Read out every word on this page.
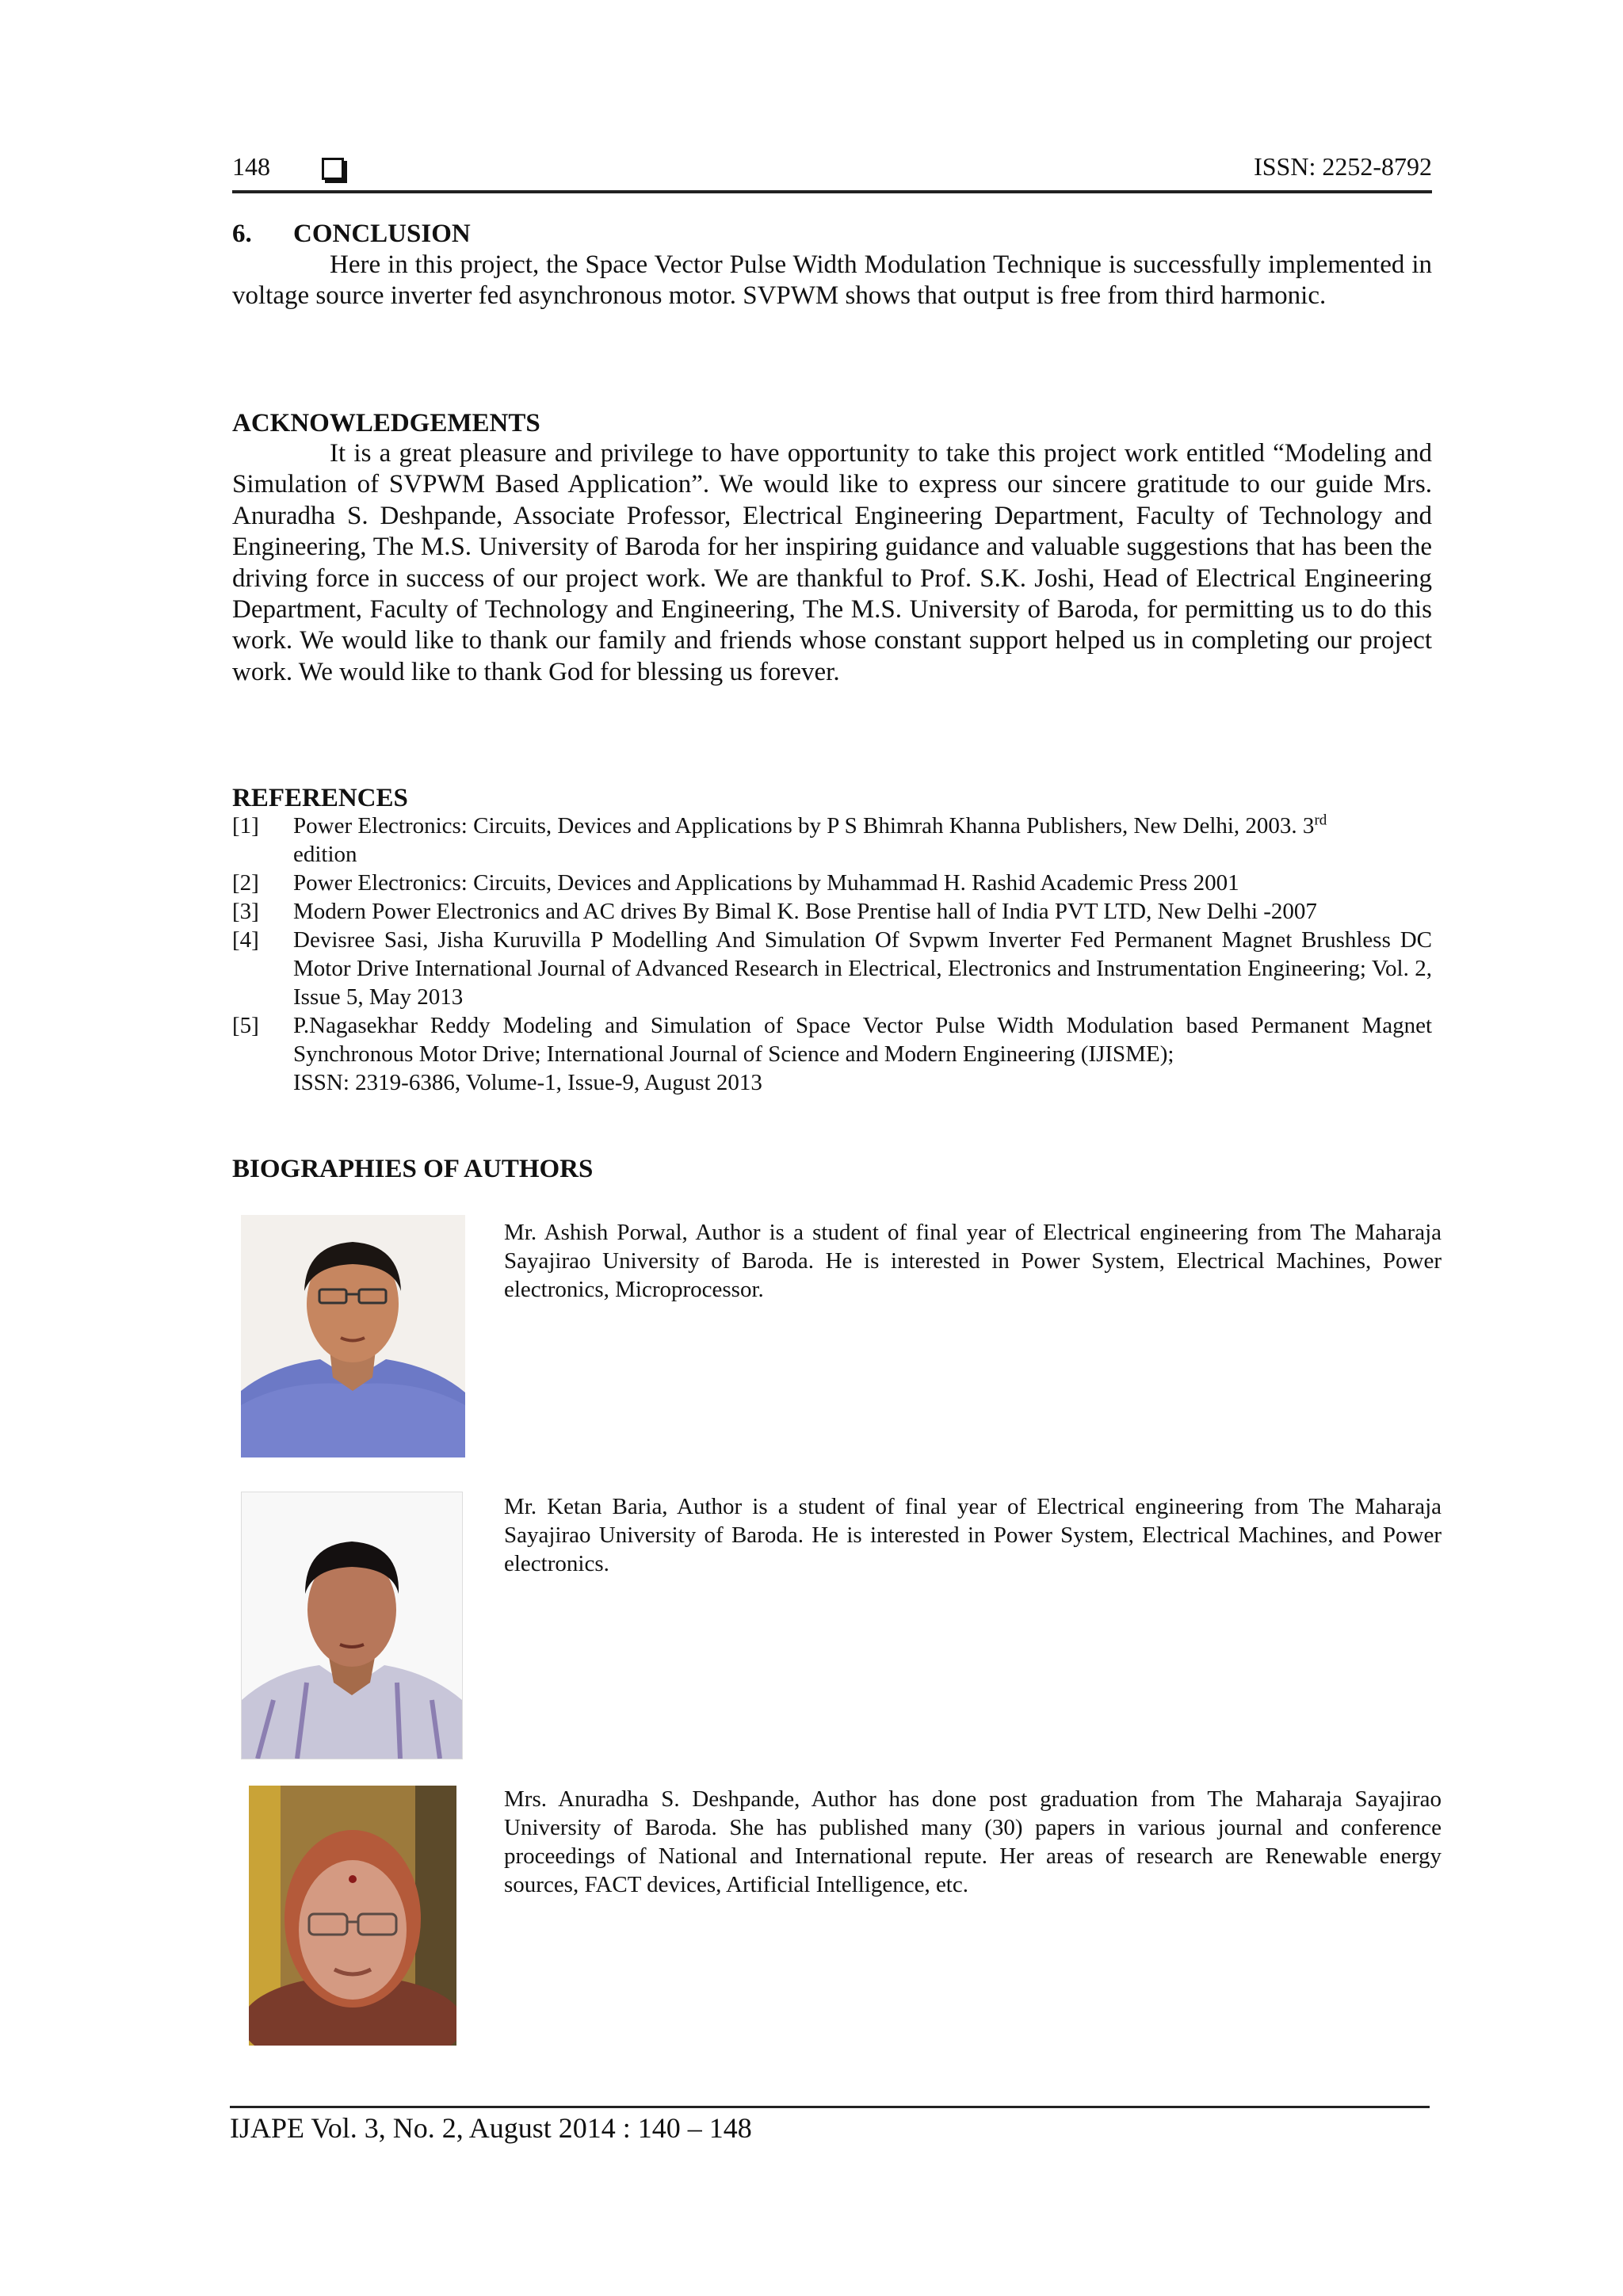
148	ISSN: 2252-8792
6. CONCLUSION
Here in this project, the Space Vector Pulse Width Modulation Technique is successfully implemented in voltage source inverter fed asynchronous motor. SVPWM shows that output is free from third harmonic.
ACKNOWLEDGEMENTS
It is a great pleasure and privilege to have opportunity to take this project work entitled “Modeling and Simulation of SVPWM Based Application”. We would like to express our sincere gratitude to our guide Mrs. Anuradha S. Deshpande, Associate Professor, Electrical Engineering Department, Faculty of Technology and Engineering, The M.S. University of Baroda for her inspiring guidance and valuable suggestions that has been the driving force in success of our project work. We are thankful to Prof. S.K. Joshi, Head of Electrical Engineering Department, Faculty of Technology and Engineering, The M.S. University of Baroda, for permitting us to do this work. We would like to thank our family and friends whose constant support helped us in completing our project work. We would like to thank God for blessing us forever.
REFERENCES
[1]	Power Electronics: Circuits, Devices and Applications by P S Bhimrah Khanna Publishers, New Delhi, 2003. 3rd
edition
[2]	Power Electronics: Circuits, Devices and Applications by Muhammad H. Rashid Academic Press 2001
[3]	Modern Power Electronics and AC drives By Bimal K. Bose Prentise hall of India PVT LTD, New Delhi -2007
[4]	Devisree Sasi, Jisha Kuruvilla P Modelling And Simulation Of Svpwm Inverter Fed Permanent Magnet Brushless DC Motor Drive International Journal of Advanced Research in Electrical, Electronics and Instrumentation Engineering; Vol. 2, Issue 5, May 2013
[5]	P.Nagasekhar Reddy Modeling and Simulation of Space Vector Pulse Width Modulation based Permanent Magnet Synchronous Motor Drive; International Journal of Science and Modern Engineering (IJISME);
ISSN: 2319-6386, Volume-1, Issue-9, August 2013
BIOGRAPHIES OF AUTHORS
Mr. Ashish Porwal, Author is a student of final year of Electrical engineering from The Maharaja Sayajirao University of Baroda. He is interested in Power System, Electrical Machines, Power electronics, Microprocessor.
Mr. Ketan Baria, Author is a student of final year of Electrical engineering from The Maharaja Sayajirao University of Baroda. He is interested in Power System, Electrical Machines, and Power electronics.
Mrs. Anuradha S. Deshpande, Author has done post graduation from The Maharaja Sayajirao University of Baroda. She has published many (30) papers in various journal and conference proceedings of National and International repute. Her areas of research are Renewable energy sources, FACT devices, Artificial Intelligence, etc.
IJAPE Vol. 3, No. 2, August 2014 : 140 – 148
